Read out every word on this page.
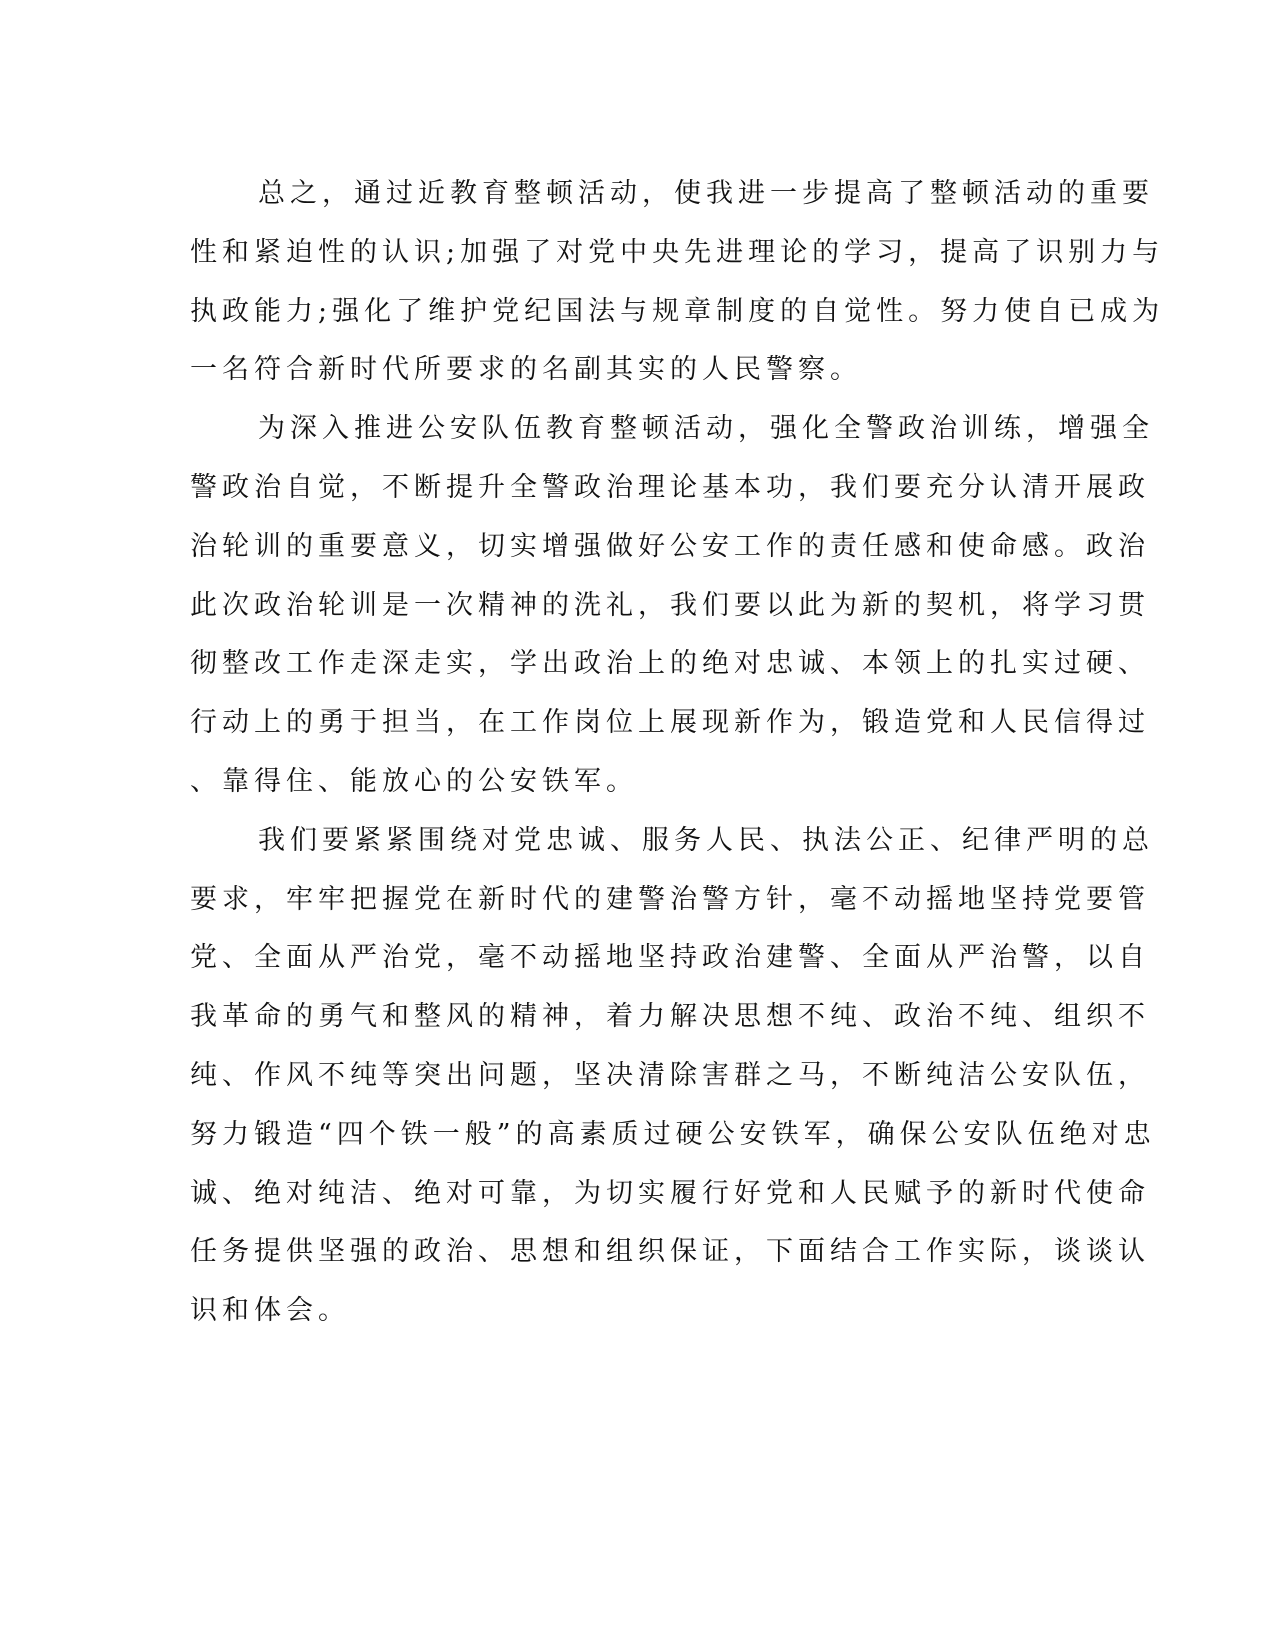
总之，通过近教育整顿活动，使我进一步提高了整顿活动的重要
性和紧迫性的认识;加强了对党中央先进理论的学习，提高了识别力与
执政能力;强化了维护党纪国法与规章制度的自觉性。努力使自已成为
一名符合新时代所要求的名副其实的人民警察。
为深入推进公安队伍教育整顿活动，强化全警政治训练，增强全
警政治自觉，不断提升全警政治理论基本功，我们要充分认清开展政
治轮训的重要意义，切实增强做好公安工作的责任感和使命感。政治
此次政治轮训是一次精神的洗礼，我们要以此为新的契机，将学习贯
彻整改工作走深走实，学出政治上的绝对忠诚、本领上的扎实过硬、
行动上的勇于担当，在工作岗位上展现新作为，锻造党和人民信得过
、靠得住、能放心的公安铁军。
我们要紧紧围绕对党忠诚、服务人民、执法公正、纪律严明的总
要求，牢牢把握党在新时代的建警治警方针，毫不动摇地坚持党要管
党、全面从严治党，毫不动摇地坚持政治建警、全面从严治警，以自
我革命的勇气和整风的精神，着力解决思想不纯、政治不纯、组织不
纯、作风不纯等突出问题，坚决清除害群之马，不断纯洁公安队伍，
努力锻造“四个铁一般”的高素质过硬公安铁军，确保公安队伍绝对忠
诚、绝对纯洁、绝对可靠，为切实履行好党和人民赋予的新时代使命
任务提供坚强的政治、思想和组织保证，下面结合工作实际，谈谈认
识和体会。
